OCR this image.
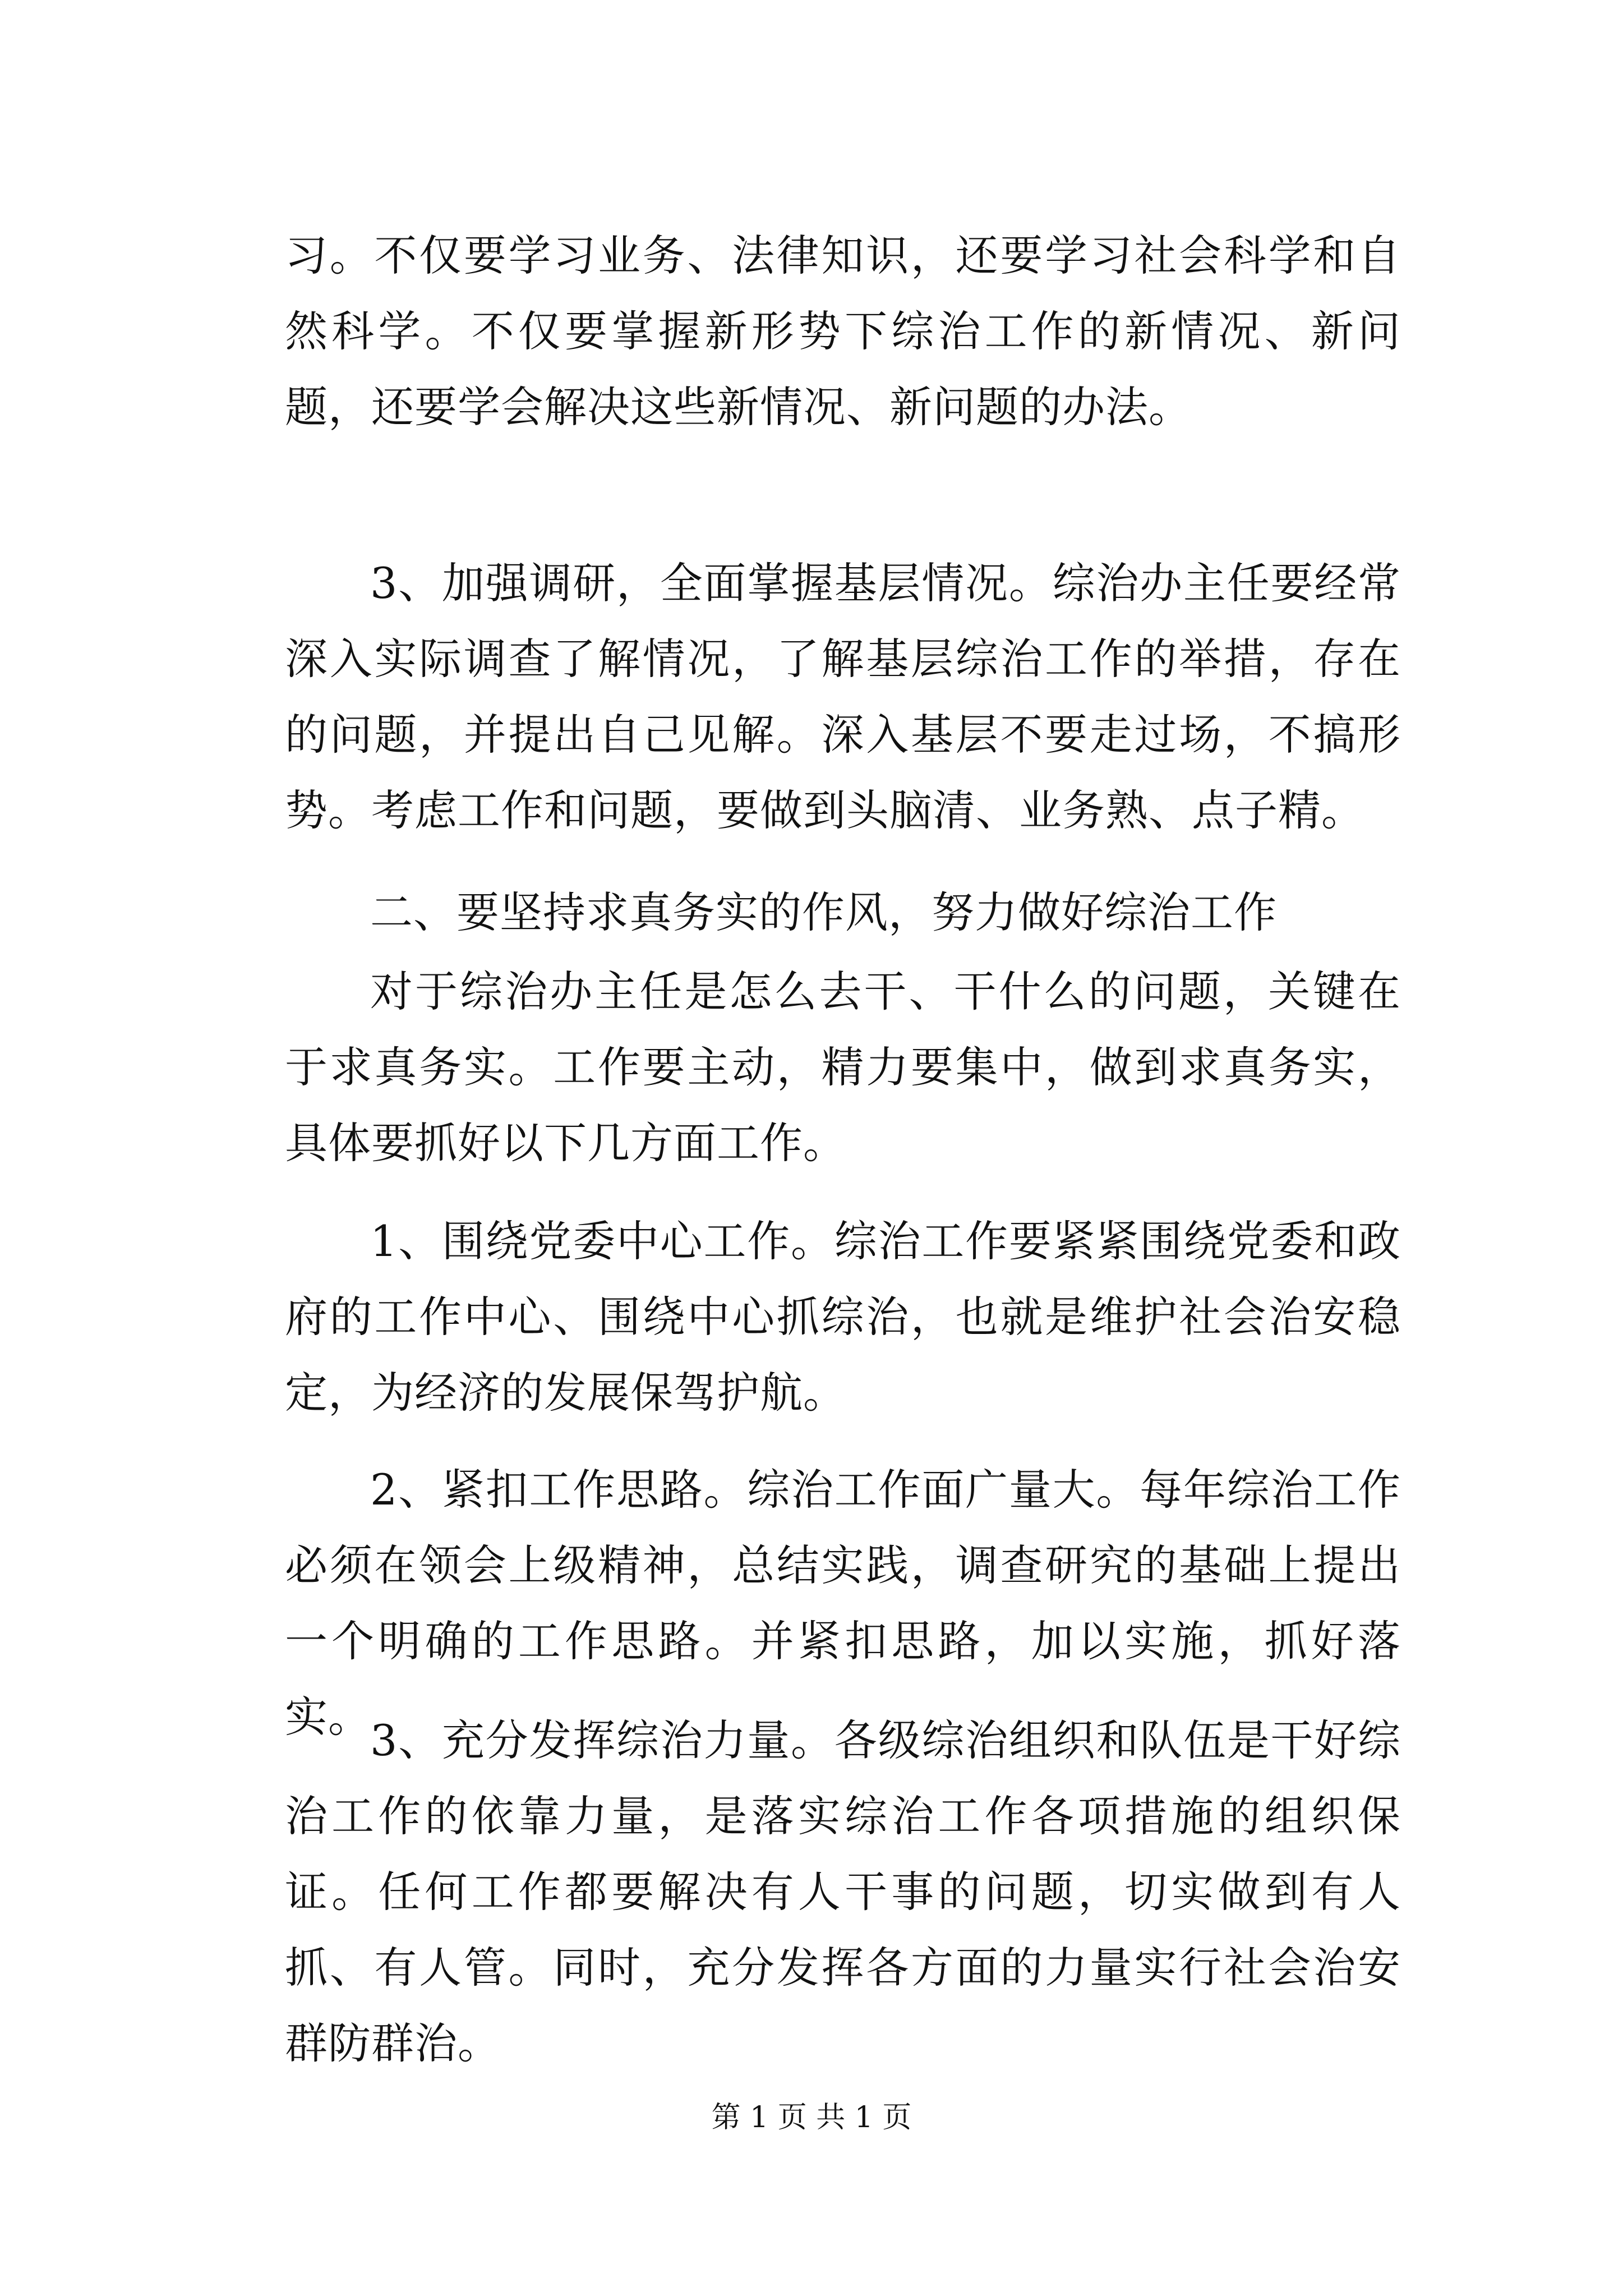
习。不仅要学习业务、法律知识，还要学习社会科学和自然科学。不仅要掌握新形势下综治工作的新情况、新问题，还要学会解决这些新情况、新问题的办法。

3、加强调研，全面掌握基层情况。综治办主任要经常深入实际调查了解情况，了解基层综治工作的举措，存在的问题，并提出自己见解。深入基层不要走过场，不搞形势。考虑工作和问题，要做到头脑清、业务熟、点子精。

二、要坚持求真务实的作风，努力做好综治工作

对于综治办主任是怎么去干、干什么的问题，关键在于求真务实。工作要主动，精力要集中，做到求真务实，具体要抓好以下几方面工作。

1、围绕党委中心工作。综治工作要紧紧围绕党委和政府的工作中心、围绕中心抓综治，也就是维护社会治安稳定，为经济的发展保驾护航。

2、紧扣工作思路。综治工作面广量大。每年综治工作必须在领会上级精神，总结实践，调查研究的基础上提出一个明确的工作思路。并紧扣思路，加以实施，抓好落实。

3、充分发挥综治力量。各级综治组织和队伍是干好综治工作的依靠力量，是落实综治工作各项措施的组织保证。任何工作都要解决有人干事的问题，切实做到有人抓、有人管。同时，充分发挥各方面的力量实行社会治安群防群治。

第 1 页 共 1 页
